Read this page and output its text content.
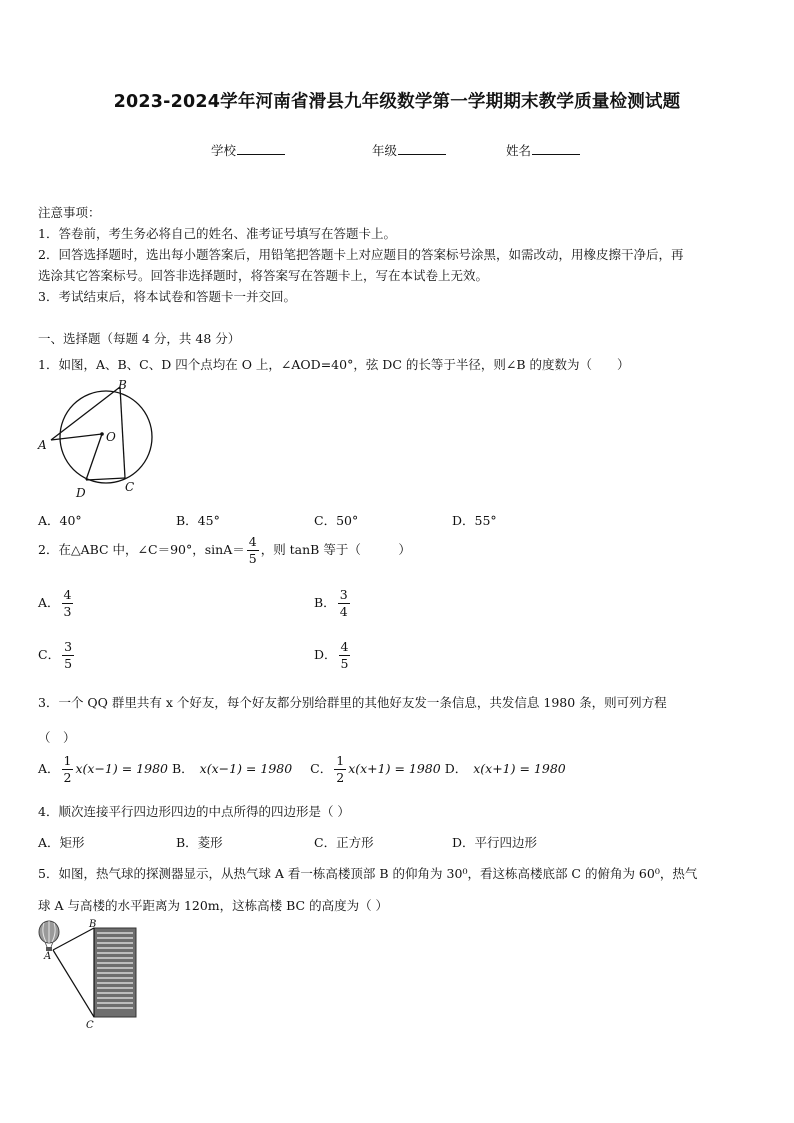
2023-2024学年河南省滑县九年级数学第一学期期末教学质量检测试题
学校	年级	姓名
注意事项：
1．答卷前，考生务必将自己的姓名、准考证号填写在答题卡上。
2．回答选择题时，选出每小题答案后，用铅笔把答题卡上对应题目的答案标号涂黑，如需改动，用橡皮擦干净后，再
选涂其它答案标号。回答非选择题时，将答案写在答题卡上，写在本试卷上无效。
3．考试结束后，将本试卷和答题卡一并交回。
一、选择题（每题 4 分，共 48 分）
1．如图，A、B、C、D 四个点均在 O 上，∠AOD=40°，弦 DC 的长等于半径，则∠B 的度数为（　　）
A
B
C
D
O
A．40°	B．45°	C．50°	D．55°
2．在△ABC 中，∠C＝90°，$\sin A= \frac{4}{5}$ ，则 tanB 等于（　　　）
A． $\frac{4}{3}$	B． $\frac{3}{4}$
C． $\frac{3}{5}$	D． $\frac{4}{5}$
3．一个 QQ 群里共有 x 个好友，每个好友都分别给群里的其他好友发一条信息，共发信息 1980 条，则可列方程
（　）
A． $\frac{1}{2} x(x-1) = 1980$ B． x(x−1) = 1980 C． $\frac{1}{2} x(x+1) = 1980$ D． x(x+1) = 1980
4．顺次连接平行四边形四边的中点所得的四边形是（ ）
A．矩形	B．菱形	C．正方形	D．平行四边形
5．如图，热气球的探测器显示，从热气球 A 看一栋高楼顶部 B 的仰角为 30⁰，看这栋高楼底部 C 的俯角为 60⁰，热气
球 A 与高楼的水平距离为 120m，这栋高楼 BC 的高度为（ ）
A
B
C
